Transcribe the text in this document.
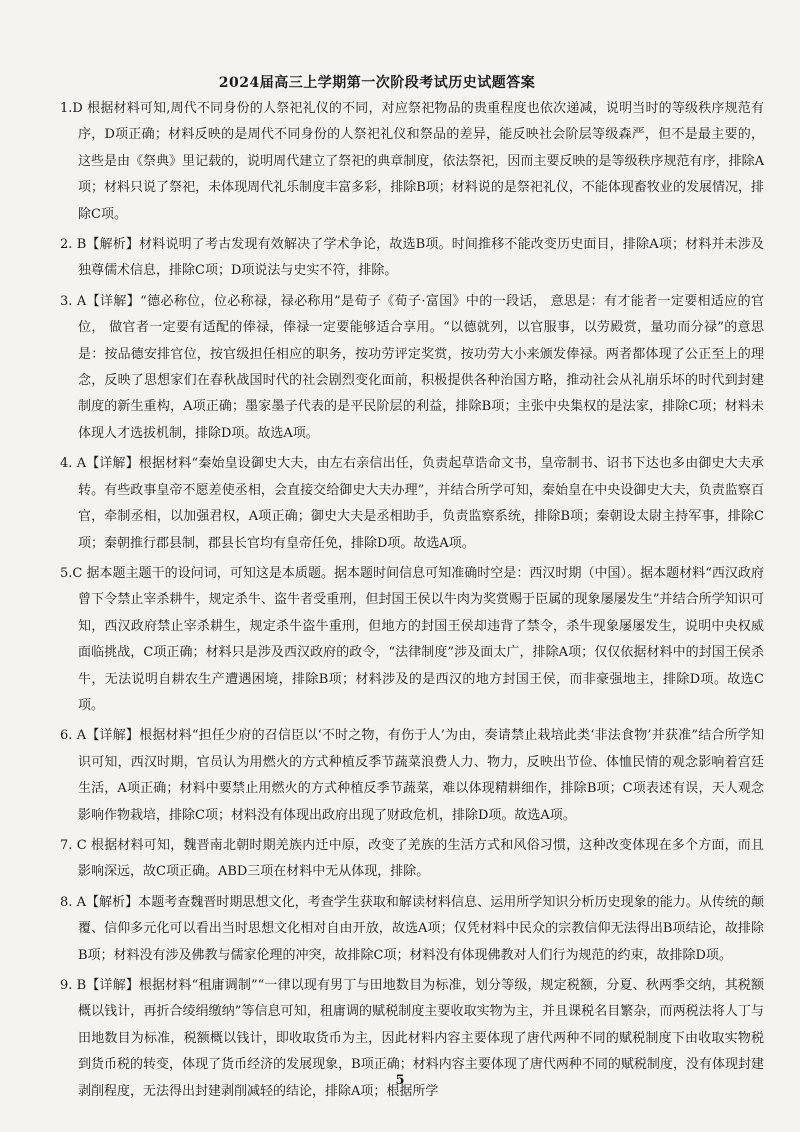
2024届高三上学期第一次阶段考试历史试题答案

1.D 根据材料可知,周代不同身份的人祭祀礼仪的不同，对应祭祀物品的贵重程度也依次递减，说明当时的等级秩序规范有序，D项正确；材料反映的是周代不同身份的人祭祀礼仪和祭品的差异，能反映社会阶层等级森严，但不是最主要的，这些是由《祭典》里记载的，说明周代建立了祭祀的典章制度，依法祭祀，因而主要反映的是等级秩序规范有序，排除A项；材料只说了祭祀，未体现周代礼乐制度丰富多彩，排除B项；材料说的是祭祀礼仪，不能体现畜牧业的发展情况，排除C项。

2. B【解析】材料说明了考古发现有效解决了学术争论，故选B项。时间推移不能改变历史面目，排除A项；材料并未涉及独尊儒术信息，排除C项；D项说法与史实不符，排除。

3. A【详解】“德必称位，位必称禄，禄必称用”是荀子《荀子·富国》中的一段话， 意思是：有才能者一定要相适应的官位， 做官者一定要有适配的俸禄，俸禄一定要能够适合享用。“以德就列，以官服事，以劳殿赏，量功而分禄”的意思是：按品德安排官位，按官级担任相应的职务，按功劳评定奖赏，按功劳大小来颁发俸禄。两者都体现了公正至上的理念，反映了思想家们在春秋战国时代的社会剧烈变化面前，积极提供各种治国方略，推动社会从礼崩乐坏的时代到封建制度的新生重构，A项正确；墨家墨子代表的是平民阶层的利益，排除B项；主张中央集权的是法家，排除C项；材料未体现人才选拔机制，排除D项。故选A项。

4. A【详解】根据材料“秦始皇设御史大夫，由左右亲信出任，负责起草诰命文书，皇帝制书、诏书下达也多由御史大夫承转。有些政事皇帝不愿差使丞相，会直接交给御史大夫办理”，并结合所学可知，秦始皇在中央设御史大夫，负责监察百官，牵制丞相，以加强君权，A项正确；御史大夫是丞相助手，负责监察系统，排除B项；秦朝设太尉主持军事，排除C项；秦朝推行郡县制，郡县长官均有皇帝任免，排除D项。故选A项。

5.C 据本题主题干的设问词，可知这是本质题。据本题时间信息可知准确时空是：西汉时期（中国）。据本题材料“西汉政府曾下令禁止宰杀耕牛，规定杀牛、盗牛者受重刑，但封国王侯以牛肉为奖赏赐于臣属的现象屡屡发生”并结合所学知识可知，西汉政府禁止宰杀耕生，规定杀牛盗牛重刑，但地方的封国王侯却违背了禁令，杀牛现象屡屡发生，说明中央权威面临挑战，C项正确；材料只是涉及西汉政府的政令，“法律制度”涉及面太广，排除A项；仅仅依据材料中的封国王侯杀牛，无法说明自耕农生产遭遇困境，排除B项；材料涉及的是西汉的地方封国王侯，而非豪强地主，排除D项。故选C项。

6. A【详解】根据材料“担任少府的召信臣以‘不时之物，有伤于人’为由，奏请禁止栽培此类‘非法食物’并获准”结合所学知识可知，西汉时期，官员认为用燃火的方式种植反季节蔬菜浪费人力、物力，反映出节俭、体恤民情的观念影响着宫廷生活，A项正确；材料中要禁止用燃火的方式种植反季节蔬菜，难以体现精耕细作，排除B项；C项表述有误，天人观念影响作物栽培，排除C项；材料没有体现出政府出现了财政危机，排除D项。故选A项。

7. C 根据材料可知，魏晋南北朝时期羌族内迁中原，改变了羌族的生活方式和风俗习惯，这种改变体现在多个方面，而且影响深远，故C项正确。ABD三项在材料中无从体现，排除。

8. A【解析】本题考查魏晋时期思想文化，考查学生获取和解读材料信息、运用所学知识分析历史现象的能力。从传统的颠覆、信仰多元化可以看出当时思想文化相对自由开放，故选A项；仅凭材料中民众的宗教信仰无法得出B项结论，故排除B项；材料没有涉及佛教与儒家伦理的冲突，故排除C项；材料没有体现佛教对人们行为规范的约束，故排除D项。

9. B【详解】根据材料“租庸调制”“一律以现有男丁与田地数目为标准，划分等级，规定税额，分夏、秋两季交纳，其税额概以钱计，再折合绫绢缴纳”等信息可知，租庸调的赋税制度主要收取实物为主，并且课税名目繁杂，而两税法将人丁与田地数目为标准，税额概以钱计，即收取货币为主，因此材料内容主要体现了唐代两种不同的赋税制度下由收取实物税到货币税的转变，体现了货币经济的发展现象，B项正确；材料内容主要体现了唐代两种不同的赋税制度，没有体现封建剥削程度，无法得出封建剥削减轻的结论，排除A项；根据所学

5
